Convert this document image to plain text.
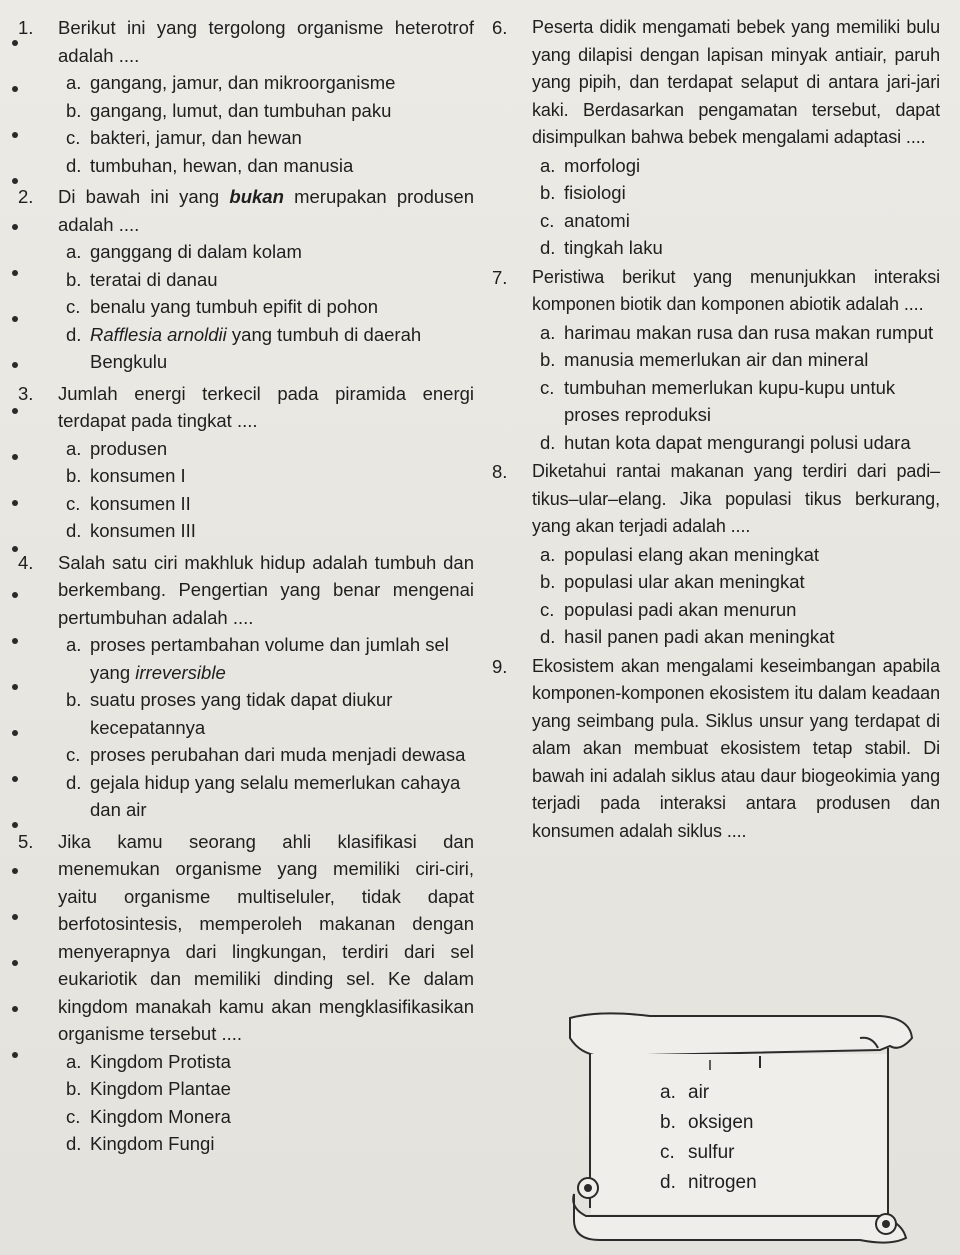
1.	Berikut ini yang tergolong organisme heterotrof adalah ....
a. gangang, jamur, dan mikroorganisme
b. gangang, lumut, dan tumbuhan paku
c. bakteri, jamur, dan hewan
d. tumbuhan, hewan, dan manusia
2.	Di bawah ini yang bukan merupakan produsen adalah ....
a. ganggang di dalam kolam
b. teratai di danau
c. benalu yang tumbuh epifit di pohon
d. Rafflesia arnoldii yang tumbuh di daerah Bengkulu
3.	Jumlah energi terkecil pada piramida energi terdapat pada tingkat ....
a. produsen
b. konsumen I
c. konsumen II
d. konsumen III
4.	Salah satu ciri makhluk hidup adalah tumbuh dan berkembang. Pengertian yang benar mengenai pertumbuhan adalah ....
a. proses pertambahan volume dan jumlah sel yang irreversible
b. suatu proses yang tidak dapat diukur kecepatannya
c. proses perubahan dari muda menjadi dewasa
d. gejala hidup yang selalu memerlukan cahaya dan air
5.	Jika kamu seorang ahli klasifikasi dan menemukan organisme yang memiliki ciri-ciri, yaitu organisme multiseluler, tidak dapat berfotosintesis, memperoleh makanan dengan menyerapnya dari lingkungan, terdiri dari sel eukariotik dan memiliki dinding sel. Ke dalam kingdom manakah kamu akan mengklasifikasikan organisme tersebut ....
a. Kingdom Protista
b. Kingdom Plantae
c. Kingdom Monera
d. Kingdom Fungi
6.	Peserta didik mengamati bebek yang memiliki bulu yang dilapisi dengan lapisan minyak antiair, paruh yang pipih, dan terdapat selaput di antara jari-jari kaki. Berdasarkan pengamatan tersebut, dapat disimpulkan bahwa bebek mengalami adaptasi ....
a. morfologi
b. fisiologi
c. anatomi
d. tingkah laku
7.	Peristiwa berikut yang menunjukkan interaksi komponen biotik dan komponen abiotik adalah ....
a. harimau makan rusa dan rusa makan rumput
b. manusia memerlukan air dan mineral
c. tumbuhan memerlukan kupu-kupu untuk proses reproduksi
d. hutan kota dapat mengurangi polusi udara
8.	Diketahui rantai makanan yang terdiri dari padi–tikus–ular–elang. Jika populasi tikus berkurang, yang akan terjadi adalah ....
a. populasi elang akan meningkat
b. populasi ular akan meningkat
c. populasi padi akan menurun
d. hasil panen padi akan meningkat
9.	Ekosistem akan mengalami keseimbangan apabila komponen-komponen ekosistem itu dalam keadaan yang seimbang pula. Siklus unsur yang terdapat di alam akan membuat ekosistem tetap stabil. Di bawah ini adalah siklus atau daur biogeokimia yang terjadi pada interaksi antara produsen dan konsumen adalah siklus ....
a. air
b. oksigen
c. sulfur
d. nitrogen
